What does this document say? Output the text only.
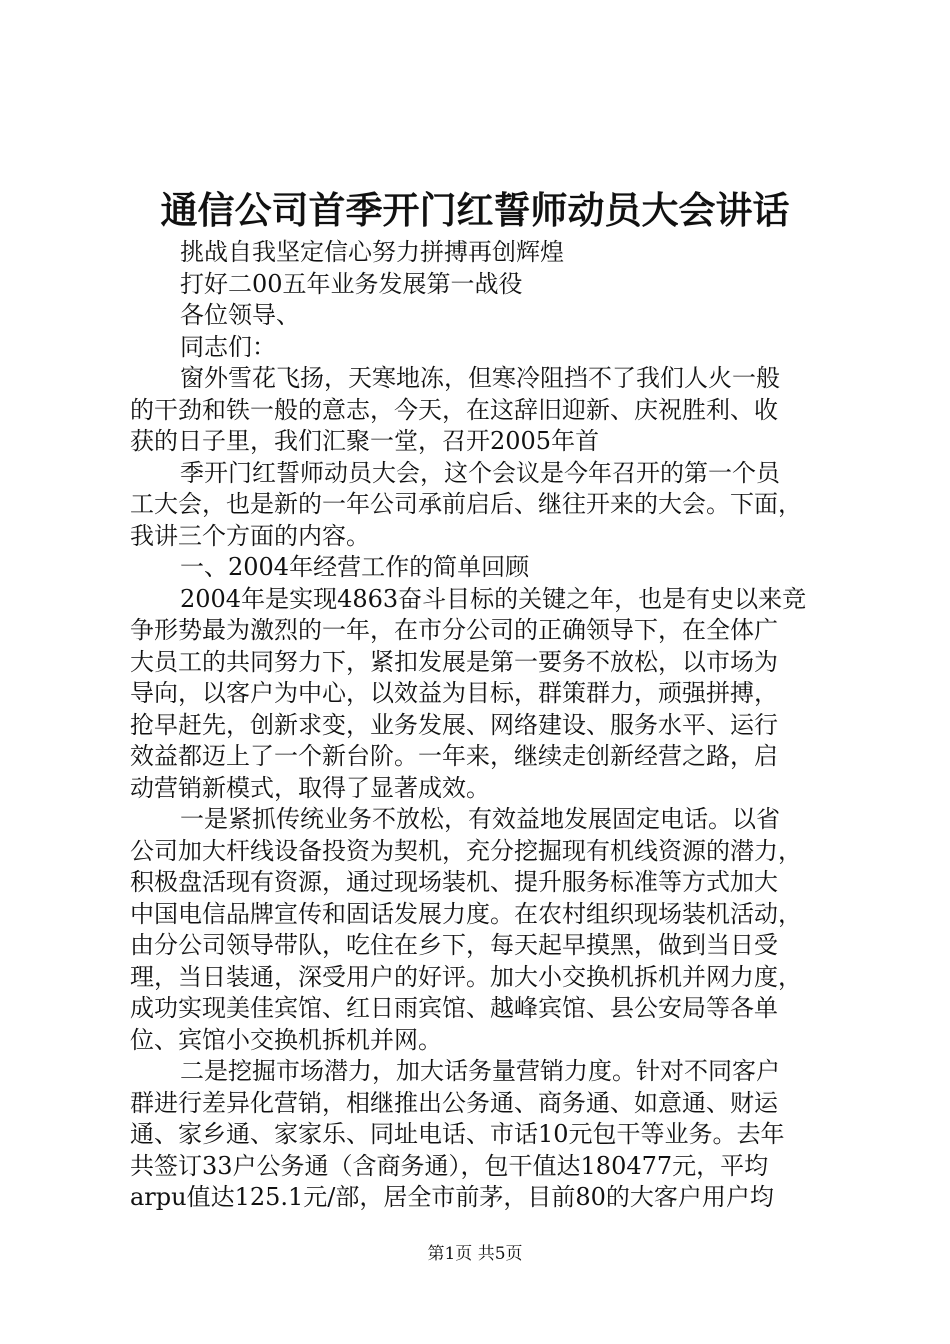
通信公司首季开门红誓师动员大会讲话
挑战自我坚定信心努力拼搏再创辉煌
打好二00五年业务发展第一战役
各位领导、
同志们：
窗外雪花飞扬，天寒地冻，但寒冷阻挡不了我们人火一般
的干劲和铁一般的意志，今天，在这辞旧迎新、庆祝胜利、收
获的日子里，我们汇聚一堂，召开2005年首
季开门红誓师动员大会，这个会议是今年召开的第一个员
工大会，也是新的一年公司承前启后、继往开来的大会。下面，
我讲三个方面的内容。
一、2004年经营工作的简单回顾
2004年是实现4863奋斗目标的关键之年，也是有史以来竞
争形势最为激烈的一年，在市分公司的正确领导下，在全体广
大员工的共同努力下，紧扣发展是第一要务不放松，以市场为
导向，以客户为中心，以效益为目标，群策群力，顽强拼搏，
抢早赶先，创新求变，业务发展、网络建设、服务水平、运行
效益都迈上了一个新台阶。一年来，继续走创新经营之路，启
动营销新模式，取得了显著成效。
一是紧抓传统业务不放松，有效益地发展固定电话。以省
公司加大杆线设备投资为契机，充分挖掘现有机线资源的潜力，
积极盘活现有资源，通过现场装机、提升服务标准等方式加大
中国电信品牌宣传和固话发展力度。在农村组织现场装机活动，
由分公司领导带队，吃住在乡下，每天起早摸黑，做到当日受
理，当日装通，深受用户的好评。加大小交换机拆机并网力度，
成功实现美佳宾馆、红日雨宾馆、越峰宾馆、县公安局等各单
位、宾馆小交换机拆机并网。
二是挖掘市场潜力，加大话务量营销力度。针对不同客户
群进行差异化营销，相继推出公务通、商务通、如意通、财运
通、家乡通、家家乐、同址电话、市话10元包干等业务。去年
共签订33户公务通（含商务通），包干值达180477元，平均
arpu值达125.1元/部，居全市前茅，目前80的大客户用户均
第1页 共5页
